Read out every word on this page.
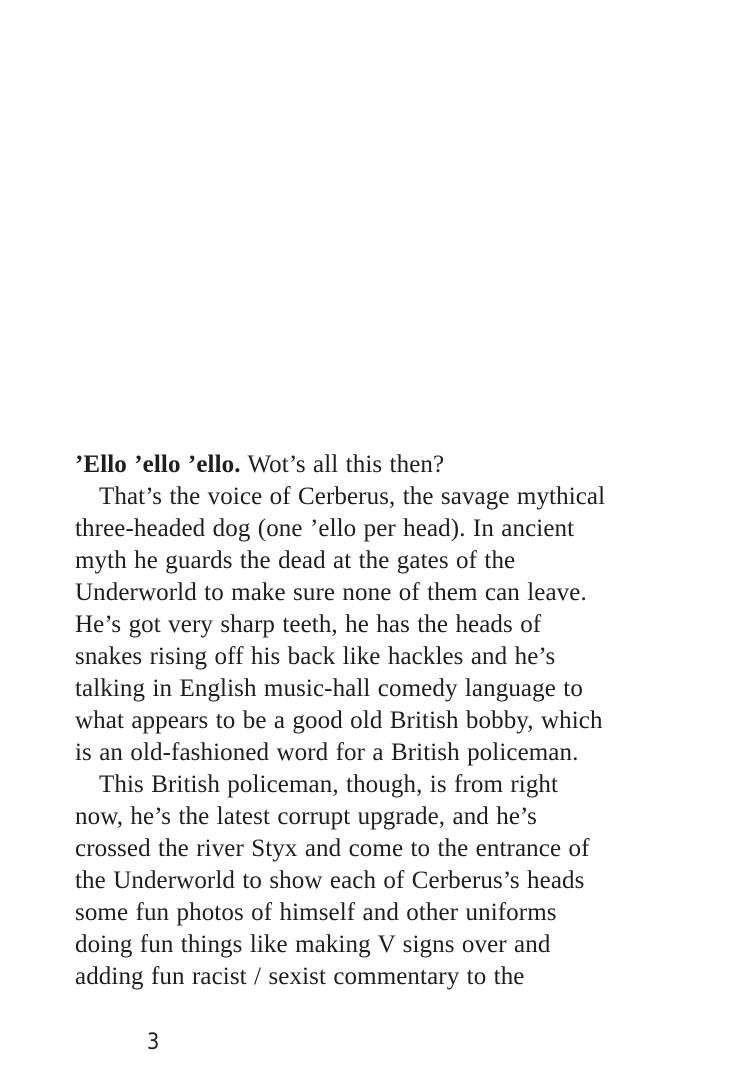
’Ello ’ello ’ello. Wot’s all this then?
That’s the voice of Cerberus, the savage mythical
three-headed dog (one ’ello per head). In ancient
myth he guards the dead at the gates of the
Underworld to make sure none of them can leave.
He’s got very sharp teeth, he has the heads of
snakes rising off his back like hackles and he’s
talking in English music-hall comedy language to
what appears to be a good old British bobby, which
is an old-fashioned word for a British policeman.
This British policeman, though, is from right
now, he’s the latest corrupt upgrade, and he’s
crossed the river Styx and come to the entrance of
the Underworld to show each of Cerberus’s heads
some fun photos of himself and other uniforms
doing fun things like making V signs over and
adding fun racist / sexist commentary to the
3
